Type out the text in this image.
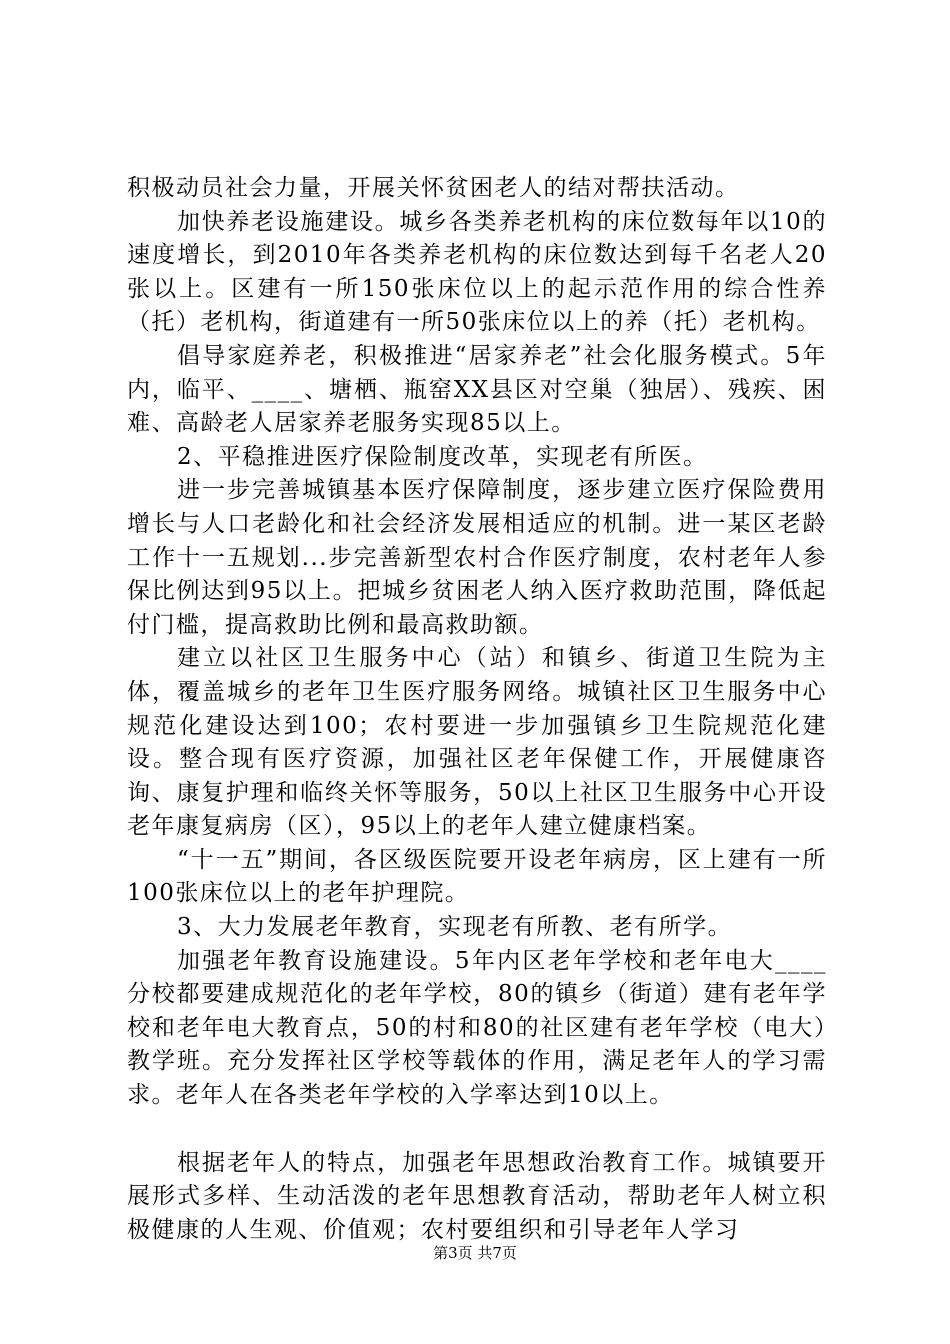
积极动员社会力量，开展关怀贫困老人的结对帮扶活动。

加快养老设施建设。城乡各类养老机构的床位数每年以10的速度增长，到2010年各类养老机构的床位数达到每千名老人20张以上。区建有一所150张床位以上的起示范作用的综合性养（托）老机构，街道建有一所50张床位以上的养（托）老机构。

倡导家庭养老，积极推进“居家养老”社会化服务模式。5年内，临平、____、塘栖、瓶窑XX县区对空巢（独居）、残疾、困难、高龄老人居家养老服务实现85以上。

2、平稳推进医疗保险制度改革，实现老有所医。

进一步完善城镇基本医疗保障制度，逐步建立医疗保险费用增长与人口老龄化和社会经济发展相适应的机制。进一某区老龄工作十一五规划...步完善新型农村合作医疗制度，农村老年人参保比例达到95以上。把城乡贫困老人纳入医疗救助范围，降低起付门槛，提高救助比例和最高救助额。

建立以社区卫生服务中心（站）和镇乡、街道卫生院为主体，覆盖城乡的老年卫生医疗服务网络。城镇社区卫生服务中心规范化建设达到100；农村要进一步加强镇乡卫生院规范化建设。整合现有医疗资源，加强社区老年保健工作，开展健康咨询、康复护理和临终关怀等服务，50以上社区卫生服务中心开设老年康复病房（区），95以上的老年人建立健康档案。

“十一五”期间，各区级医院要开设老年病房，区上建有一所100张床位以上的老年护理院。

3、大力发展老年教育，实现老有所教、老有所学。

加强老年教育设施建设。5年内区老年学校和老年电大____分校都要建成规范化的老年学校，80的镇乡（街道）建有老年学校和老年电大教育点，50的村和80的社区建有老年学校（电大）教学班。充分发挥社区学校等载体的作用，满足老年人的学习需求。老年人在各类老年学校的入学率达到10以上。

根据老年人的特点，加强老年思想政治教育工作。城镇要开展形式多样、生动活泼的老年思想教育活动，帮助老年人树立积极健康的人生观、价值观；农村要组织和引导老年人学习

第3页 共7页
